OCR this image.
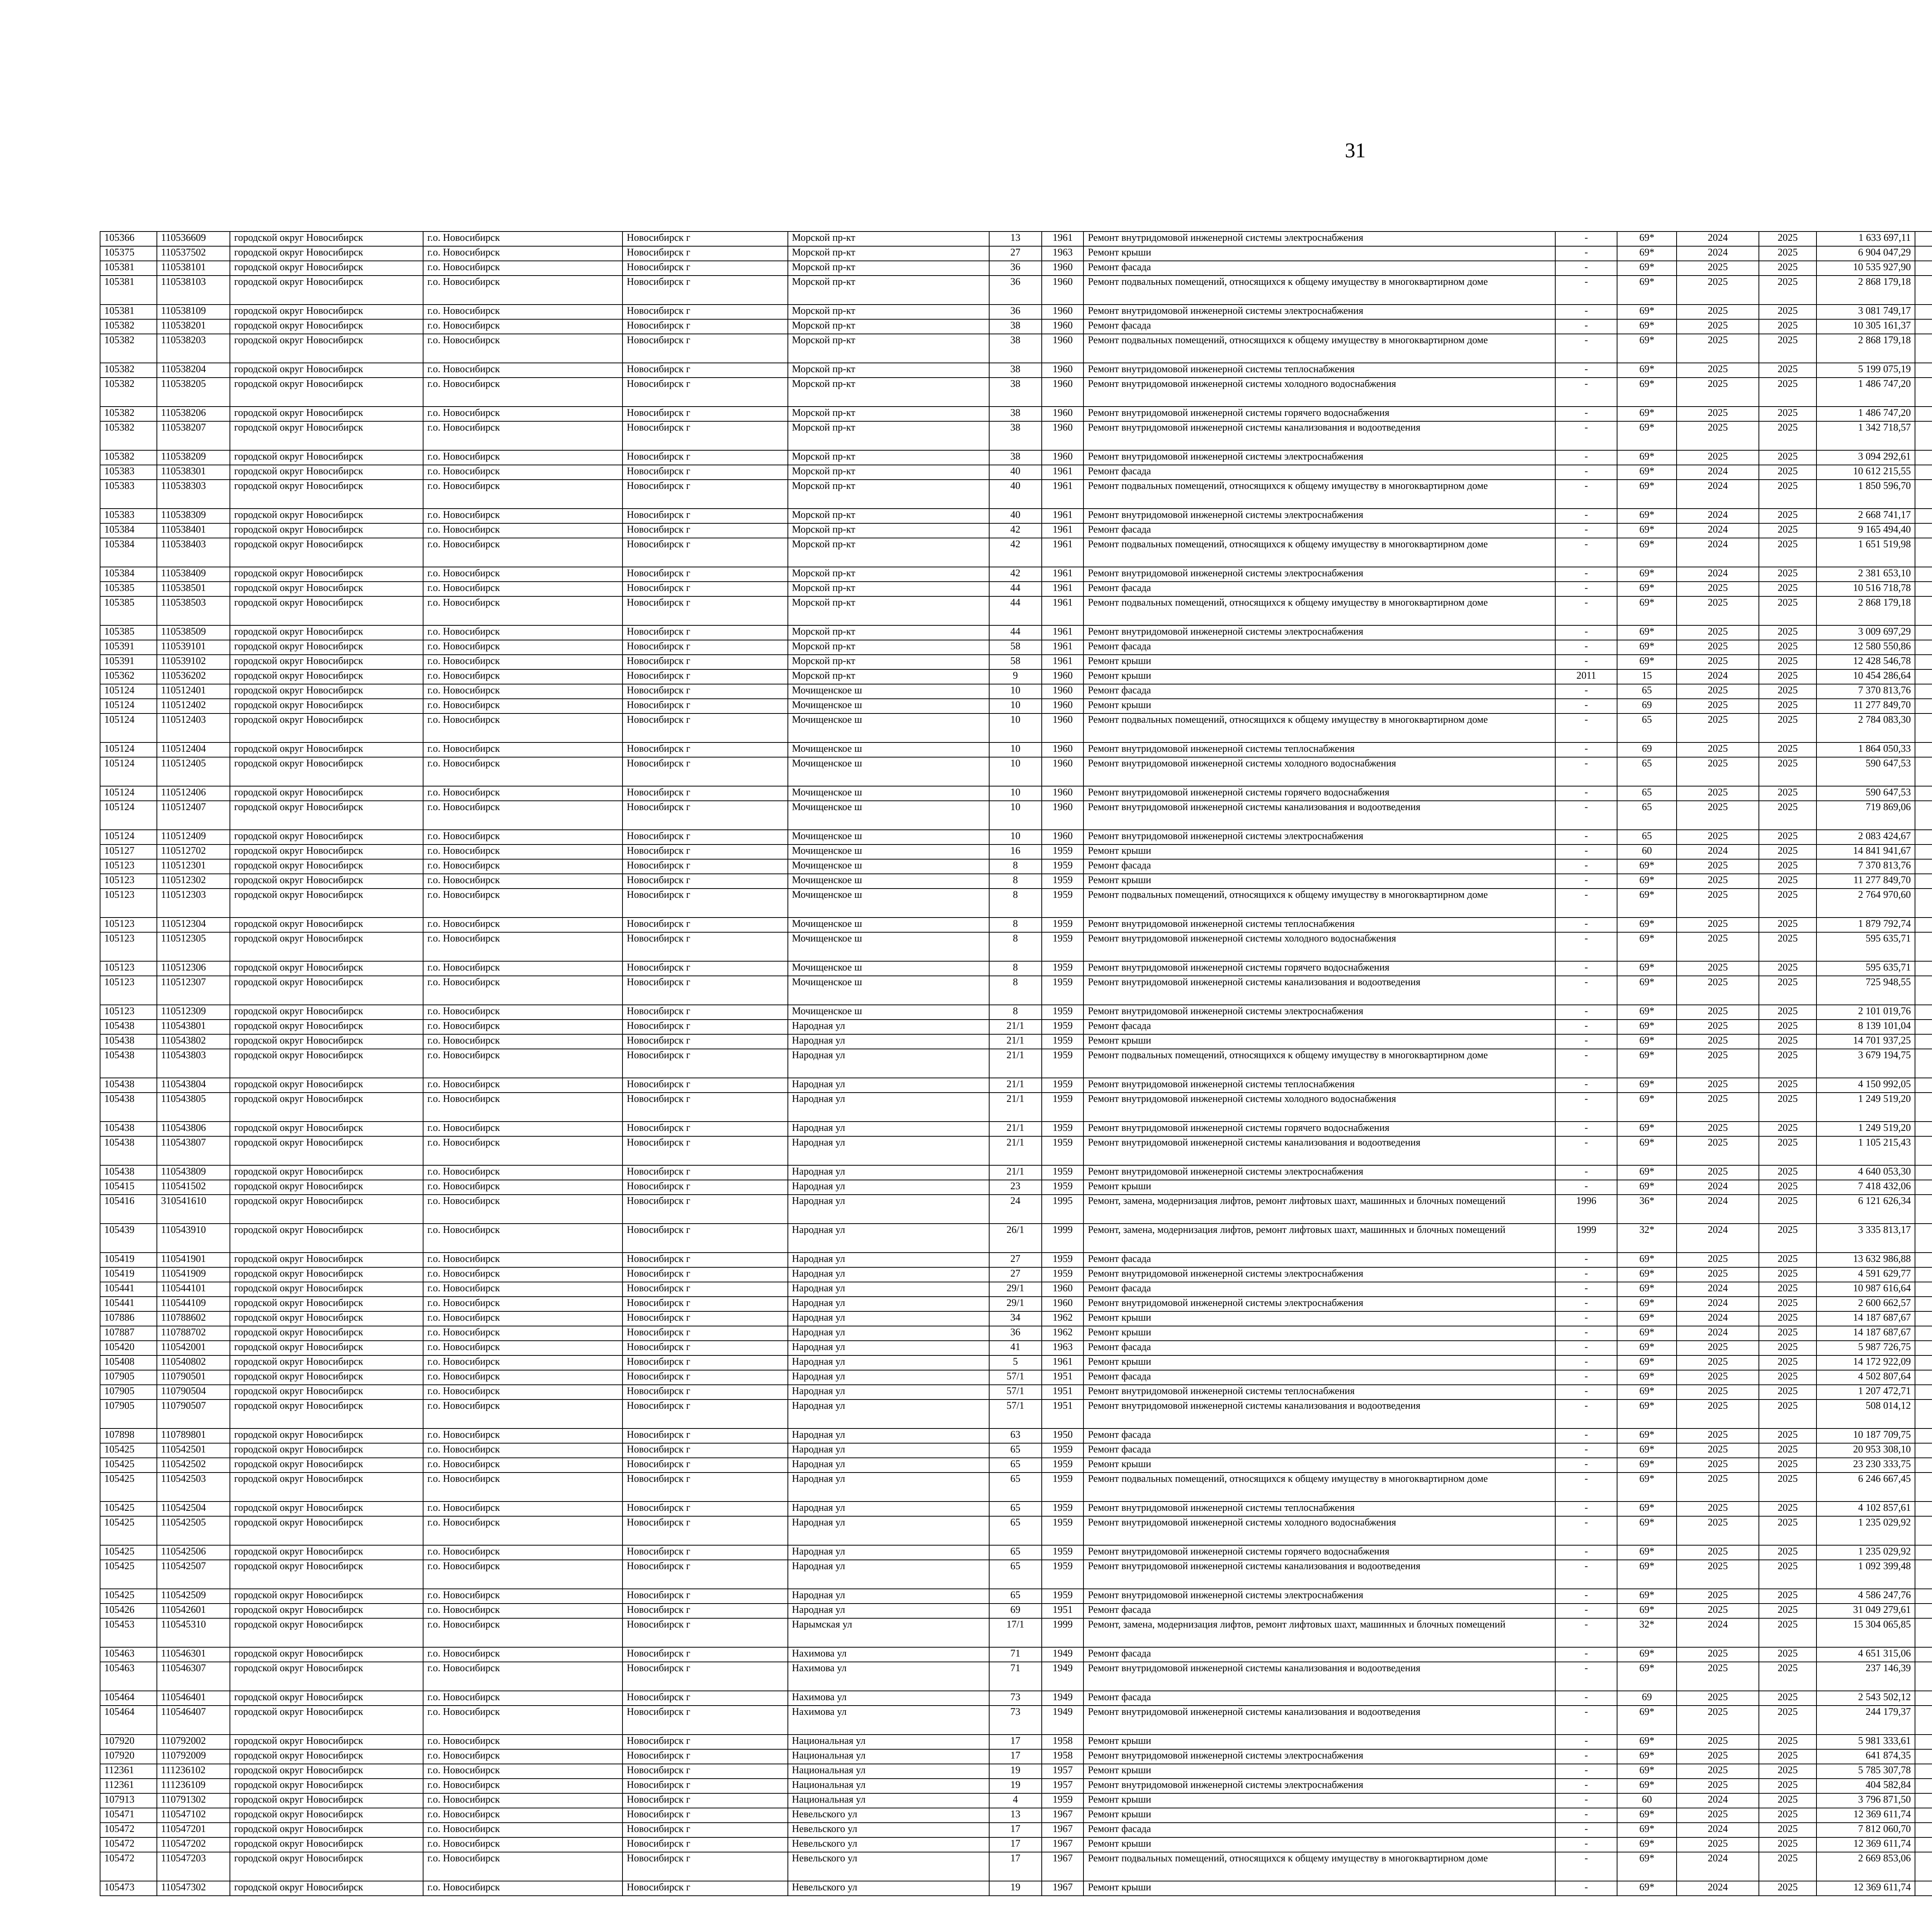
31
105366	110536609	городской округ Новосибирск	г.о. Новосибирск	Новосибирск г	Морской пр-кт	13	1961	Ремонт внутридомовой инженерной системы электроснабжения	-	69*	2024	2025	1 633 697,11							
105375	110537502	городской округ Новосибирск	г.о. Новосибирск	Новосибирск г	Морской пр-кт	27	1963	Ремонт крыши	-	69*	2024	2025	6 904 047,29							
105381	110538101	городской округ Новосибирск	г.о. Новосибирск	Новосибирск г	Морской пр-кт	36	1960	Ремонт фасада	-	69*	2025	2025	10 535 927,90							
105381	110538103	городской округ Новосибирск	г.о. Новосибирск	Новосибирск г	Морской пр-кт	36	1960	Ремонт подвальных помещений, относящихся к общему имуществу в многоквартирном доме	-	69*	2025	2025	2 868 179,18							
105381	110538109	городской округ Новосибирск	г.о. Новосибирск	Новосибирск г	Морской пр-кт	36	1960	Ремонт внутридомовой инженерной системы электроснабжения	-	69*	2025	2025	3 081 749,17							
105382	110538201	городской округ Новосибирск	г.о. Новосибирск	Новосибирск г	Морской пр-кт	38	1960	Ремонт фасада	-	69*	2025	2025	10 305 161,37							
105382	110538203	городской округ Новосибирск	г.о. Новосибирск	Новосибирск г	Морской пр-кт	38	1960	Ремонт подвальных помещений, относящихся к общему имуществу в многоквартирном доме	-	69*	2025	2025	2 868 179,18							
105382	110538204	городской округ Новосибирск	г.о. Новосибирск	Новосибирск г	Морской пр-кт	38	1960	Ремонт внутридомовой инженерной системы теплоснабжения	-	69*	2025	2025	5 199 075,19							
105382	110538205	городской округ Новосибирск	г.о. Новосибирск	Новосибирск г	Морской пр-кт	38	1960	Ремонт внутридомовой инженерной системы холодного водоснабжения	-	69*	2025	2025	1 486 747,20							
105382	110538206	городской округ Новосибирск	г.о. Новосибирск	Новосибирск г	Морской пр-кт	38	1960	Ремонт внутридомовой инженерной системы горячего водоснабжения	-	69*	2025	2025	1 486 747,20							
105382	110538207	городской округ Новосибирск	г.о. Новосибирск	Новосибирск г	Морской пр-кт	38	1960	Ремонт внутридомовой инженерной системы канализования и водоотведения	-	69*	2025	2025	1 342 718,57							
105382	110538209	городской округ Новосибирск	г.о. Новосибирск	Новосибирск г	Морской пр-кт	38	1960	Ремонт внутридомовой инженерной системы электроснабжения	-	69*	2025	2025	3 094 292,61							
105383	110538301	городской округ Новосибирск	г.о. Новосибирск	Новосибирск г	Морской пр-кт	40	1961	Ремонт фасада	-	69*	2024	2025	10 612 215,55							
105383	110538303	городской округ Новосибирск	г.о. Новосибирск	Новосибирск г	Морской пр-кт	40	1961	Ремонт подвальных помещений, относящихся к общему имуществу в многоквартирном доме	-	69*	2024	2025	1 850 596,70							
105383	110538309	городской округ Новосибирск	г.о. Новосибирск	Новосибирск г	Морской пр-кт	40	1961	Ремонт внутридомовой инженерной системы электроснабжения	-	69*	2024	2025	2 668 741,17							
105384	110538401	городской округ Новосибирск	г.о. Новосибирск	Новосибирск г	Морской пр-кт	42	1961	Ремонт фасада	-	69*	2024	2025	9 165 494,40							
105384	110538403	городской округ Новосибирск	г.о. Новосибирск	Новосибирск г	Морской пр-кт	42	1961	Ремонт подвальных помещений, относящихся к общему имуществу в многоквартирном доме	-	69*	2024	2025	1 651 519,98							
105384	110538409	городской округ Новосибирск	г.о. Новосибирск	Новосибирск г	Морской пр-кт	42	1961	Ремонт внутридомовой инженерной системы электроснабжения	-	69*	2024	2025	2 381 653,10							
105385	110538501	городской округ Новосибирск	г.о. Новосибирск	Новосибирск г	Морской пр-кт	44	1961	Ремонт фасада	-	69*	2025	2025	10 516 718,78							
105385	110538503	городской округ Новосибирск	г.о. Новосибирск	Новосибирск г	Морской пр-кт	44	1961	Ремонт подвальных помещений, относящихся к общему имуществу в многоквартирном доме	-	69*	2025	2025	2 868 179,18							
105385	110538509	городской округ Новосибирск	г.о. Новосибирск	Новосибирск г	Морской пр-кт	44	1961	Ремонт внутридомовой инженерной системы электроснабжения	-	69*	2025	2025	3 009 697,29							
105391	110539101	городской округ Новосибирск	г.о. Новосибирск	Новосибирск г	Морской пр-кт	58	1961	Ремонт фасада	-	69*	2025	2025	12 580 550,86							
105391	110539102	городской округ Новосибирск	г.о. Новосибирск	Новосибирск г	Морской пр-кт	58	1961	Ремонт крыши	-	69*	2025	2025	12 428 546,78							
105362	110536202	городской округ Новосибирск	г.о. Новосибирск	Новосибирск г	Морской пр-кт	9	1960	Ремонт крыши	2011	15	2024	2025	10 454 286,64							
105124	110512401	городской округ Новосибирск	г.о. Новосибирск	Новосибирск г	Мочищенское ш	10	1960	Ремонт фасада	-	65	2025	2025	7 370 813,76							
105124	110512402	городской округ Новосибирск	г.о. Новосибирск	Новосибирск г	Мочищенское ш	10	1960	Ремонт крыши	-	69	2025	2025	11 277 849,70							
105124	110512403	городской округ Новосибирск	г.о. Новосибирск	Новосибирск г	Мочищенское ш	10	1960	Ремонт подвальных помещений, относящихся к общему имуществу в многоквартирном доме	-	65	2025	2025	2 784 083,30							
105124	110512404	городской округ Новосибирск	г.о. Новосибирск	Новосибирск г	Мочищенское ш	10	1960	Ремонт внутридомовой инженерной системы теплоснабжения	-	69	2025	2025	1 864 050,33							
105124	110512405	городской округ Новосибирск	г.о. Новосибирск	Новосибирск г	Мочищенское ш	10	1960	Ремонт внутридомовой инженерной системы холодного водоснабжения	-	65	2025	2025	590 647,53							
105124	110512406	городской округ Новосибирск	г.о. Новосибирск	Новосибирск г	Мочищенское ш	10	1960	Ремонт внутридомовой инженерной системы горячего водоснабжения	-	65	2025	2025	590 647,53							
105124	110512407	городской округ Новосибирск	г.о. Новосибирск	Новосибирск г	Мочищенское ш	10	1960	Ремонт внутридомовой инженерной системы канализования и водоотведения	-	65	2025	2025	719 869,06							
105124	110512409	городской округ Новосибирск	г.о. Новосибирск	Новосибирск г	Мочищенское ш	10	1960	Ремонт внутридомовой инженерной системы электроснабжения	-	65	2025	2025	2 083 424,67							
105127	110512702	городской округ Новосибирск	г.о. Новосибирск	Новосибирск г	Мочищенское ш	16	1959	Ремонт крыши	-	60	2024	2025	14 841 941,67							
105123	110512301	городской округ Новосибирск	г.о. Новосибирск	Новосибирск г	Мочищенское ш	8	1959	Ремонт фасада	-	69*	2025	2025	7 370 813,76							
105123	110512302	городской округ Новосибирск	г.о. Новосибирск	Новосибирск г	Мочищенское ш	8	1959	Ремонт крыши	-	69*	2025	2025	11 277 849,70							
105123	110512303	городской округ Новосибирск	г.о. Новосибирск	Новосибирск г	Мочищенское ш	8	1959	Ремонт подвальных помещений, относящихся к общему имуществу в многоквартирном доме	-	69*	2025	2025	2 764 970,60							
105123	110512304	городской округ Новосибирск	г.о. Новосибирск	Новосибирск г	Мочищенское ш	8	1959	Ремонт внутридомовой инженерной системы теплоснабжения	-	69*	2025	2025	1 879 792,74							
105123	110512305	городской округ Новосибирск	г.о. Новосибирск	Новосибирск г	Мочищенское ш	8	1959	Ремонт внутридомовой инженерной системы холодного водоснабжения	-	69*	2025	2025	595 635,71							
105123	110512306	городской округ Новосибирск	г.о. Новосибирск	Новосибирск г	Мочищенское ш	8	1959	Ремонт внутридомовой инженерной системы горячего водоснабжения	-	69*	2025	2025	595 635,71							
105123	110512307	городской округ Новосибирск	г.о. Новосибирск	Новосибирск г	Мочищенское ш	8	1959	Ремонт внутридомовой инженерной системы канализования и водоотведения	-	69*	2025	2025	725 948,55							
105123	110512309	городской округ Новосибирск	г.о. Новосибирск	Новосибирск г	Мочищенское ш	8	1959	Ремонт внутридомовой инженерной системы электроснабжения	-	69*	2025	2025	2 101 019,76							
105438	110543801	городской округ Новосибирск	г.о. Новосибирск	Новосибирск г	Народная ул	21/1	1959	Ремонт фасада	-	69*	2025	2025	8 139 101,04							
105438	110543802	городской округ Новосибирск	г.о. Новосибирск	Новосибирск г	Народная ул	21/1	1959	Ремонт крыши	-	69*	2025	2025	14 701 937,25							
105438	110543803	городской округ Новосибирск	г.о. Новосибирск	Новосибирск г	Народная ул	21/1	1959	Ремонт подвальных помещений, относящихся к общему имуществу в многоквартирном доме	-	69*	2025	2025	3 679 194,75							
105438	110543804	городской округ Новосибирск	г.о. Новосибирск	Новосибирск г	Народная ул	21/1	1959	Ремонт внутридомовой инженерной системы теплоснабжения	-	69*	2025	2025	4 150 992,05							
105438	110543805	городской округ Новосибирск	г.о. Новосибирск	Новосибирск г	Народная ул	21/1	1959	Ремонт внутридомовой инженерной системы холодного водоснабжения	-	69*	2025	2025	1 249 519,20							
105438	110543806	городской округ Новосибирск	г.о. Новосибирск	Новосибирск г	Народная ул	21/1	1959	Ремонт внутридомовой инженерной системы горячего водоснабжения	-	69*	2025	2025	1 249 519,20							
105438	110543807	городской округ Новосибирск	г.о. Новосибирск	Новосибирск г	Народная ул	21/1	1959	Ремонт внутридомовой инженерной системы канализования и водоотведения	-	69*	2025	2025	1 105 215,43							
105438	110543809	городской округ Новосибирск	г.о. Новосибирск	Новосибирск г	Народная ул	21/1	1959	Ремонт внутридомовой инженерной системы электроснабжения	-	69*	2025	2025	4 640 053,30							
105415	110541502	городской округ Новосибирск	г.о. Новосибирск	Новосибирск г	Народная ул	23	1959	Ремонт крыши	-	69*	2024	2025	7 418 432,06							
105416	310541610	городской округ Новосибирск	г.о. Новосибирск	Новосибирск г	Народная ул	24	1995	Ремонт, замена, модернизация лифтов, ремонт лифтовых шахт, машинных и блочных помещений	1996	36*	2024	2025	6 121 626,34							
105439	110543910	городской округ Новосибирск	г.о. Новосибирск	Новосибирск г	Народная ул	26/1	1999	Ремонт, замена, модернизация лифтов, ремонт лифтовых шахт, машинных и блочных помещений	1999	32*	2024	2025	3 335 813,17							
105419	110541901	городской округ Новосибирск	г.о. Новосибирск	Новосибирск г	Народная ул	27	1959	Ремонт фасада	-	69*	2025	2025	13 632 986,88							
105419	110541909	городской округ Новосибирск	г.о. Новосибирск	Новосибирск г	Народная ул	27	1959	Ремонт внутридомовой инженерной системы электроснабжения	-	69*	2025	2025	4 591 629,77							
105441	110544101	городской округ Новосибирск	г.о. Новосибирск	Новосибирск г	Народная ул	29/1	1960	Ремонт фасада	-	69*	2024	2025	10 987 616,64							
105441	110544109	городской округ Новосибирск	г.о. Новосибирск	Новосибирск г	Народная ул	29/1	1960	Ремонт внутридомовой инженерной системы электроснабжения	-	69*	2024	2025	2 600 662,57							
107886	110788602	городской округ Новосибирск	г.о. Новосибирск	Новосибирск г	Народная ул	34	1962	Ремонт крыши	-	69*	2024	2025	14 187 687,67							
107887	110788702	городской округ Новосибирск	г.о. Новосибирск	Новосибирск г	Народная ул	36	1962	Ремонт крыши	-	69*	2024	2025	14 187 687,67							
105420	110542001	городской округ Новосибирск	г.о. Новосибирск	Новосибирск г	Народная ул	41	1963	Ремонт фасада	-	69*	2025	2025	5 987 726,75							
105408	110540802	городской округ Новосибирск	г.о. Новосибирск	Новосибирск г	Народная ул	5	1961	Ремонт крыши	-	69*	2025	2025	14 172 922,09							
107905	110790501	городской округ Новосибирск	г.о. Новосибирск	Новосибирск г	Народная ул	57/1	1951	Ремонт фасада	-	69*	2025	2025	4 502 807,64							
107905	110790504	городской округ Новосибирск	г.о. Новосибирск	Новосибирск г	Народная ул	57/1	1951	Ремонт внутридомовой инженерной системы теплоснабжения	-	69*	2025	2025	1 207 472,71							
107905	110790507	городской округ Новосибирск	г.о. Новосибирск	Новосибирск г	Народная ул	57/1	1951	Ремонт внутридомовой инженерной системы канализования и водоотведения	-	69*	2025	2025	508 014,12							
107898	110789801	городской округ Новосибирск	г.о. Новосибирск	Новосибирск г	Народная ул	63	1950	Ремонт фасада	-	69*	2025	2025	10 187 709,75							
105425	110542501	городской округ Новосибирск	г.о. Новосибирск	Новосибирск г	Народная ул	65	1959	Ремонт фасада	-	69*	2025	2025	20 953 308,10							
105425	110542502	городской округ Новосибирск	г.о. Новосибирск	Новосибирск г	Народная ул	65	1959	Ремонт крыши	-	69*	2025	2025	23 230 333,75							
105425	110542503	городской округ Новосибирск	г.о. Новосибирск	Новосибирск г	Народная ул	65	1959	Ремонт подвальных помещений, относящихся к общему имуществу в многоквартирном доме	-	69*	2025	2025	6 246 667,45							
105425	110542504	городской округ Новосибирск	г.о. Новосибирск	Новосибирск г	Народная ул	65	1959	Ремонт внутридомовой инженерной системы теплоснабжения	-	69*	2025	2025	4 102 857,61							
105425	110542505	городской округ Новосибирск	г.о. Новосибирск	Новосибирск г	Народная ул	65	1959	Ремонт внутридомовой инженерной системы холодного водоснабжения	-	69*	2025	2025	1 235 029,92							
105425	110542506	городской округ Новосибирск	г.о. Новосибирск	Новосибирск г	Народная ул	65	1959	Ремонт внутридомовой инженерной системы горячего водоснабжения	-	69*	2025	2025	1 235 029,92							
105425	110542507	городской округ Новосибирск	г.о. Новосибирск	Новосибирск г	Народная ул	65	1959	Ремонт внутридомовой инженерной системы канализования и водоотведения	-	69*	2025	2025	1 092 399,48							
105425	110542509	городской округ Новосибирск	г.о. Новосибирск	Новосибирск г	Народная ул	65	1959	Ремонт внутридомовой инженерной системы электроснабжения	-	69*	2025	2025	4 586 247,76							
105426	110542601	городской округ Новосибирск	г.о. Новосибирск	Новосибирск г	Народная ул	69	1951	Ремонт фасада	-	69*	2025	2025	31 049 279,61							
105453	110545310	городской округ Новосибирск	г.о. Новосибирск	Новосибирск г	Нарымская ул	17/1	1999	Ремонт, замена, модернизация лифтов, ремонт лифтовых шахт, машинных и блочных помещений	-	32*	2024	2025	15 304 065,85							
105463	110546301	городской округ Новосибирск	г.о. Новосибирск	Новосибирск г	Нахимова ул	71	1949	Ремонт фасада	-	69*	2025	2025	4 651 315,06							
105463	110546307	городской округ Новосибирск	г.о. Новосибирск	Новосибирск г	Нахимова ул	71	1949	Ремонт внутридомовой инженерной системы канализования и водоотведения	-	69*	2025	2025	237 146,39							
105464	110546401	городской округ Новосибирск	г.о. Новосибирск	Новосибирск г	Нахимова ул	73	1949	Ремонт фасада	-	69	2025	2025	2 543 502,12							
105464	110546407	городской округ Новосибирск	г.о. Новосибирск	Новосибирск г	Нахимова ул	73	1949	Ремонт внутридомовой инженерной системы канализования и водоотведения	-	69*	2025	2025	244 179,37							
107920	110792002	городской округ Новосибирск	г.о. Новосибирск	Новосибирск г	Национальная ул	17	1958	Ремонт крыши	-	69*	2025	2025	5 981 333,61							
107920	110792009	городской округ Новосибирск	г.о. Новосибирск	Новосибирск г	Национальная ул	17	1958	Ремонт внутридомовой инженерной системы электроснабжения	-	69*	2025	2025	641 874,35							
112361	111236102	городской округ Новосибирск	г.о. Новосибирск	Новосибирск г	Национальная ул	19	1957	Ремонт крыши	-	69*	2025	2025	5 785 307,78							
112361	111236109	городской округ Новосибирск	г.о. Новосибирск	Новосибирск г	Национальная ул	19	1957	Ремонт внутридомовой инженерной системы электроснабжения	-	69*	2025	2025	404 582,84							
107913	110791302	городской округ Новосибирск	г.о. Новосибирск	Новосибирск г	Национальная ул	4	1959	Ремонт крыши	-	60	2024	2025	3 796 871,50							
105471	110547102	городской округ Новосибирск	г.о. Новосибирск	Новосибирск г	Невельского ул	13	1967	Ремонт крыши	-	69*	2025	2025	12 369 611,74							
105472	110547201	городской округ Новосибирск	г.о. Новосибирск	Новосибирск г	Невельского ул	17	1967	Ремонт фасада	-	69*	2024	2025	7 812 060,70							
105472	110547202	городской округ Новосибирск	г.о. Новосибирск	Новосибирск г	Невельского ул	17	1967	Ремонт крыши	-	69*	2025	2025	12 369 611,74							
105472	110547203	городской округ Новосибирск	г.о. Новосибирск	Новосибирск г	Невельского ул	17	1967	Ремонт подвальных помещений, относящихся к общему имуществу в многоквартирном доме	-	69*	2024	2025	2 669 853,06							
105473	110547302	городской округ Новосибирск	г.о. Новосибирск	Новосибирск г	Невельского ул	19	1967	Ремонт крыши	-	69*	2024	2025	12 369 611,74							
